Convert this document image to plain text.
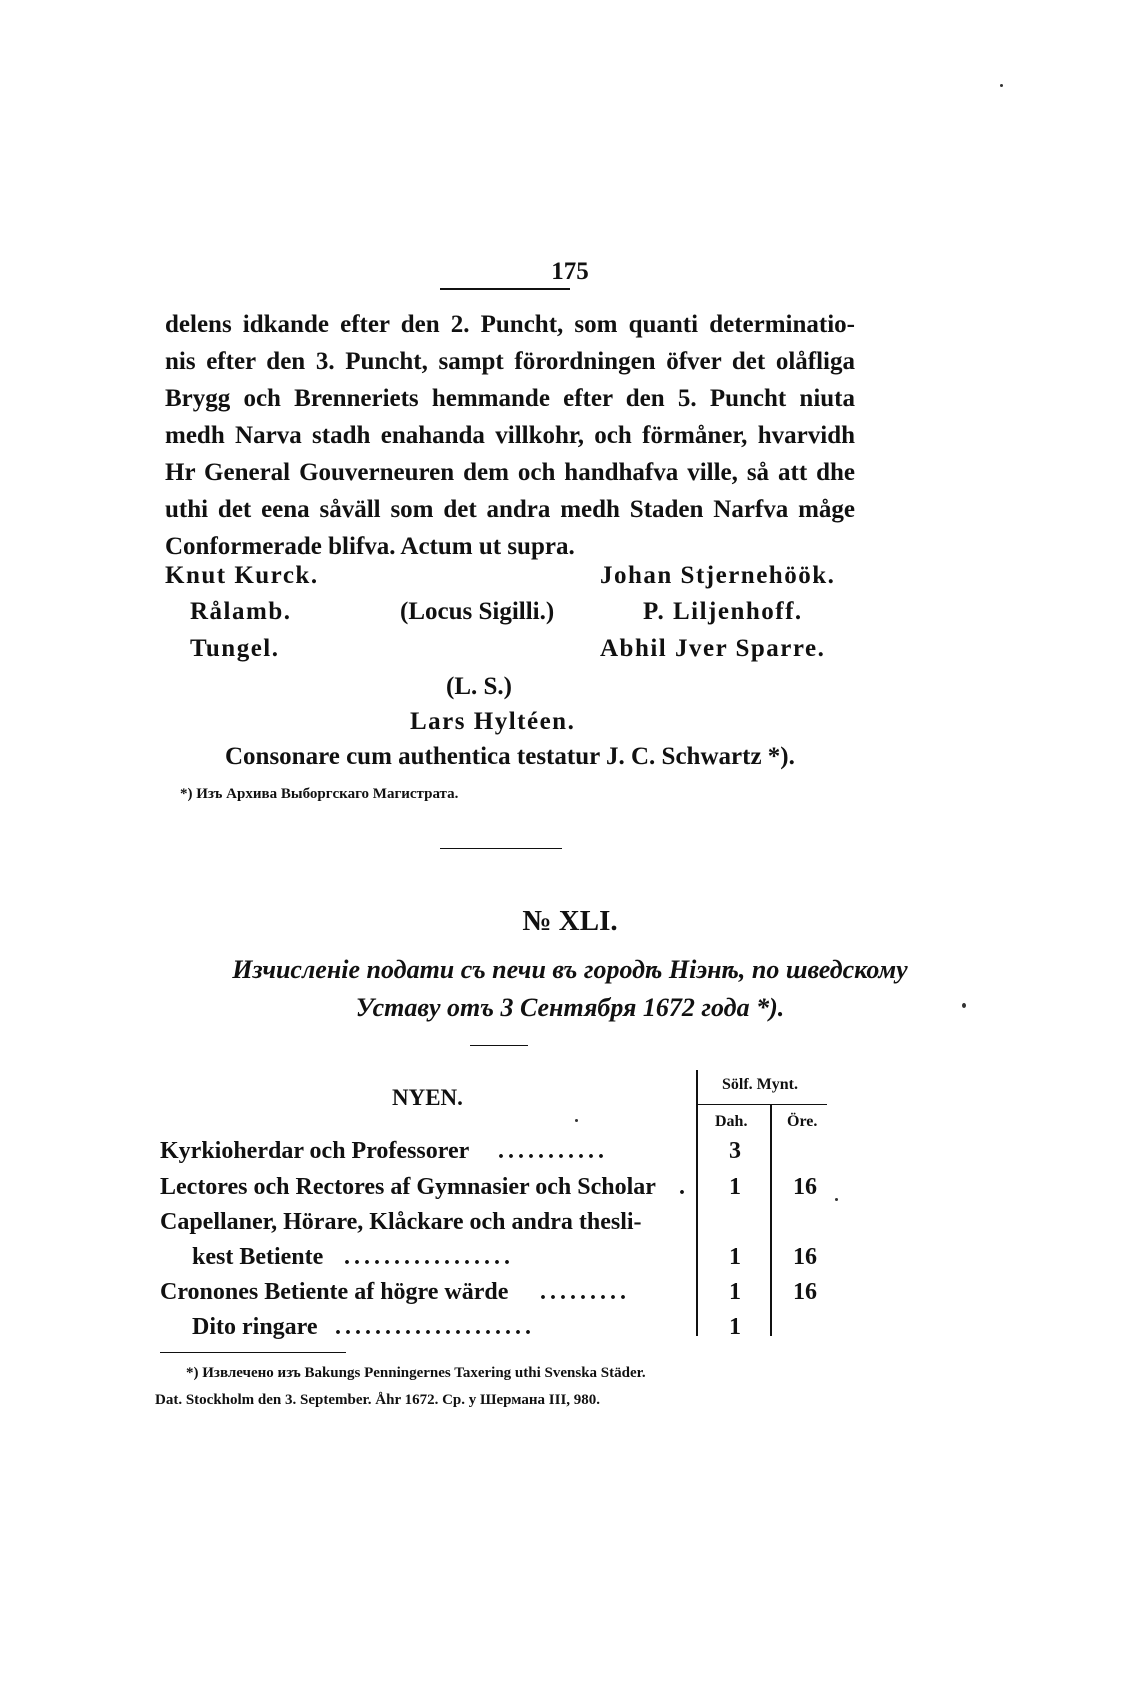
175
delens idkande efter den 2. Puncht, som quanti determinatio-
nis efter den 3. Puncht, sampt förordningen öfver det olåfliga
Brygg och Brenneriets hemmande efter den 5. Puncht niuta
medh Narva stadh enahanda villkohr, och förmåner, hvarvidh
Hr General Gouverneuren dem och handhafva ville, så att dhe
uthi det eena såväll som det andra medh Staden Narfva måge
Conformerade blifva. Actum ut supra.
Knut Kurck.
Rålamb.
Tungel.
(Locus Sigilli.)
Johan Stjernehöök.
P. Liljenhoff.
Abhil Jver Sparre.
(L. S.)
Lars Hyltéen.
Consonare cum authentica testatur J. C. Schwartz *).
*) Изъ Архива Выборгскаго Магистрата.
№ XLI.
Изчисленіе подати съ печи въ городѣ Ніэнѣ, по шведскому
Уставу отъ 3 Сентября 1672 года *).
NYEN.
Sölf. Mynt.
Dah. Öre.
Kyrkioherdar och Professorer ...........	3
Lectores och Rectores af Gymnasier och Scholar .	1	16
Capellaner, Hörare, Klåckare och andra thesli-
kest Betiente .................	1	16
Cronones Betiente af högre wärde .........	1	16
Dito ringare ....................	1
*) Извлечено изъ Bakungs Penningernes Taxering uthi Svenska Städer.
Dat. Stockholm den 3. September. Åhr 1672. Ср. у Шерманa III, 980.
